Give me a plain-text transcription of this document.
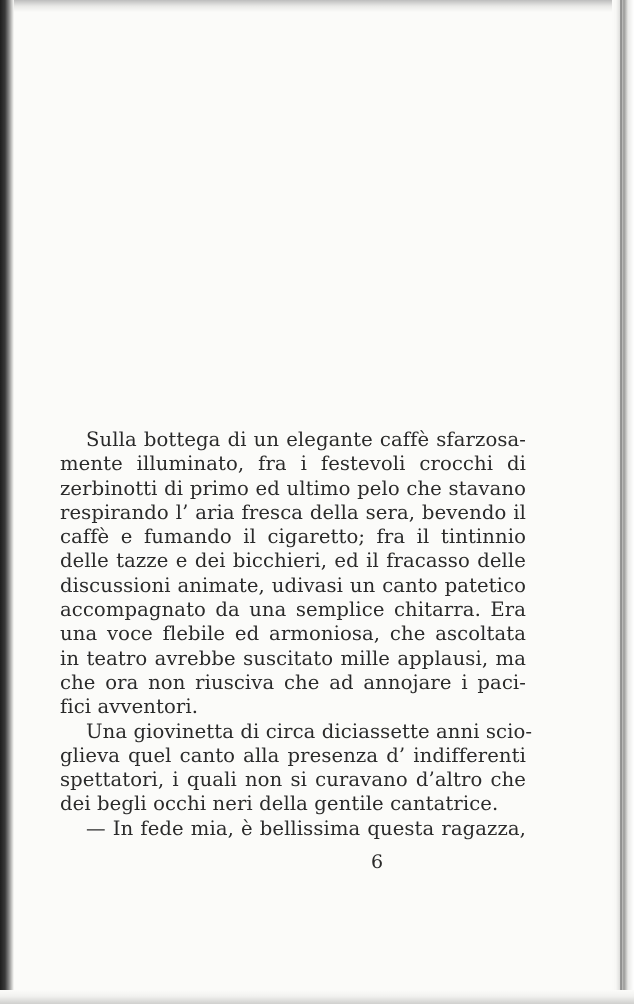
Sulla bottega di un elegante caffè sfarzosa-
mente illuminato, fra i festevoli crocchi di
zerbinotti di primo ed ultimo pelo che stavano
respirando l’ aria fresca della sera, bevendo il
caffè e fumando il cigaretto; fra il tintinnio
delle tazze e dei bicchieri, ed il fracasso delle
discussioni animate, udivasi un canto patetico
accompagnato da una semplice chitarra. Era
una voce flebile ed armoniosa, che ascoltata
in teatro avrebbe suscitato mille applausi, ma
che ora non riusciva che ad annojare i paci-
fici avventori.
Una giovinetta di circa diciassette anni scio-
glieva quel canto alla presenza d’ indifferenti
spettatori, i quali non si curavano d’altro che
dei begli occhi neri della gentile cantatrice.
— In fede mia, è bellissima questa ragazza,
6
